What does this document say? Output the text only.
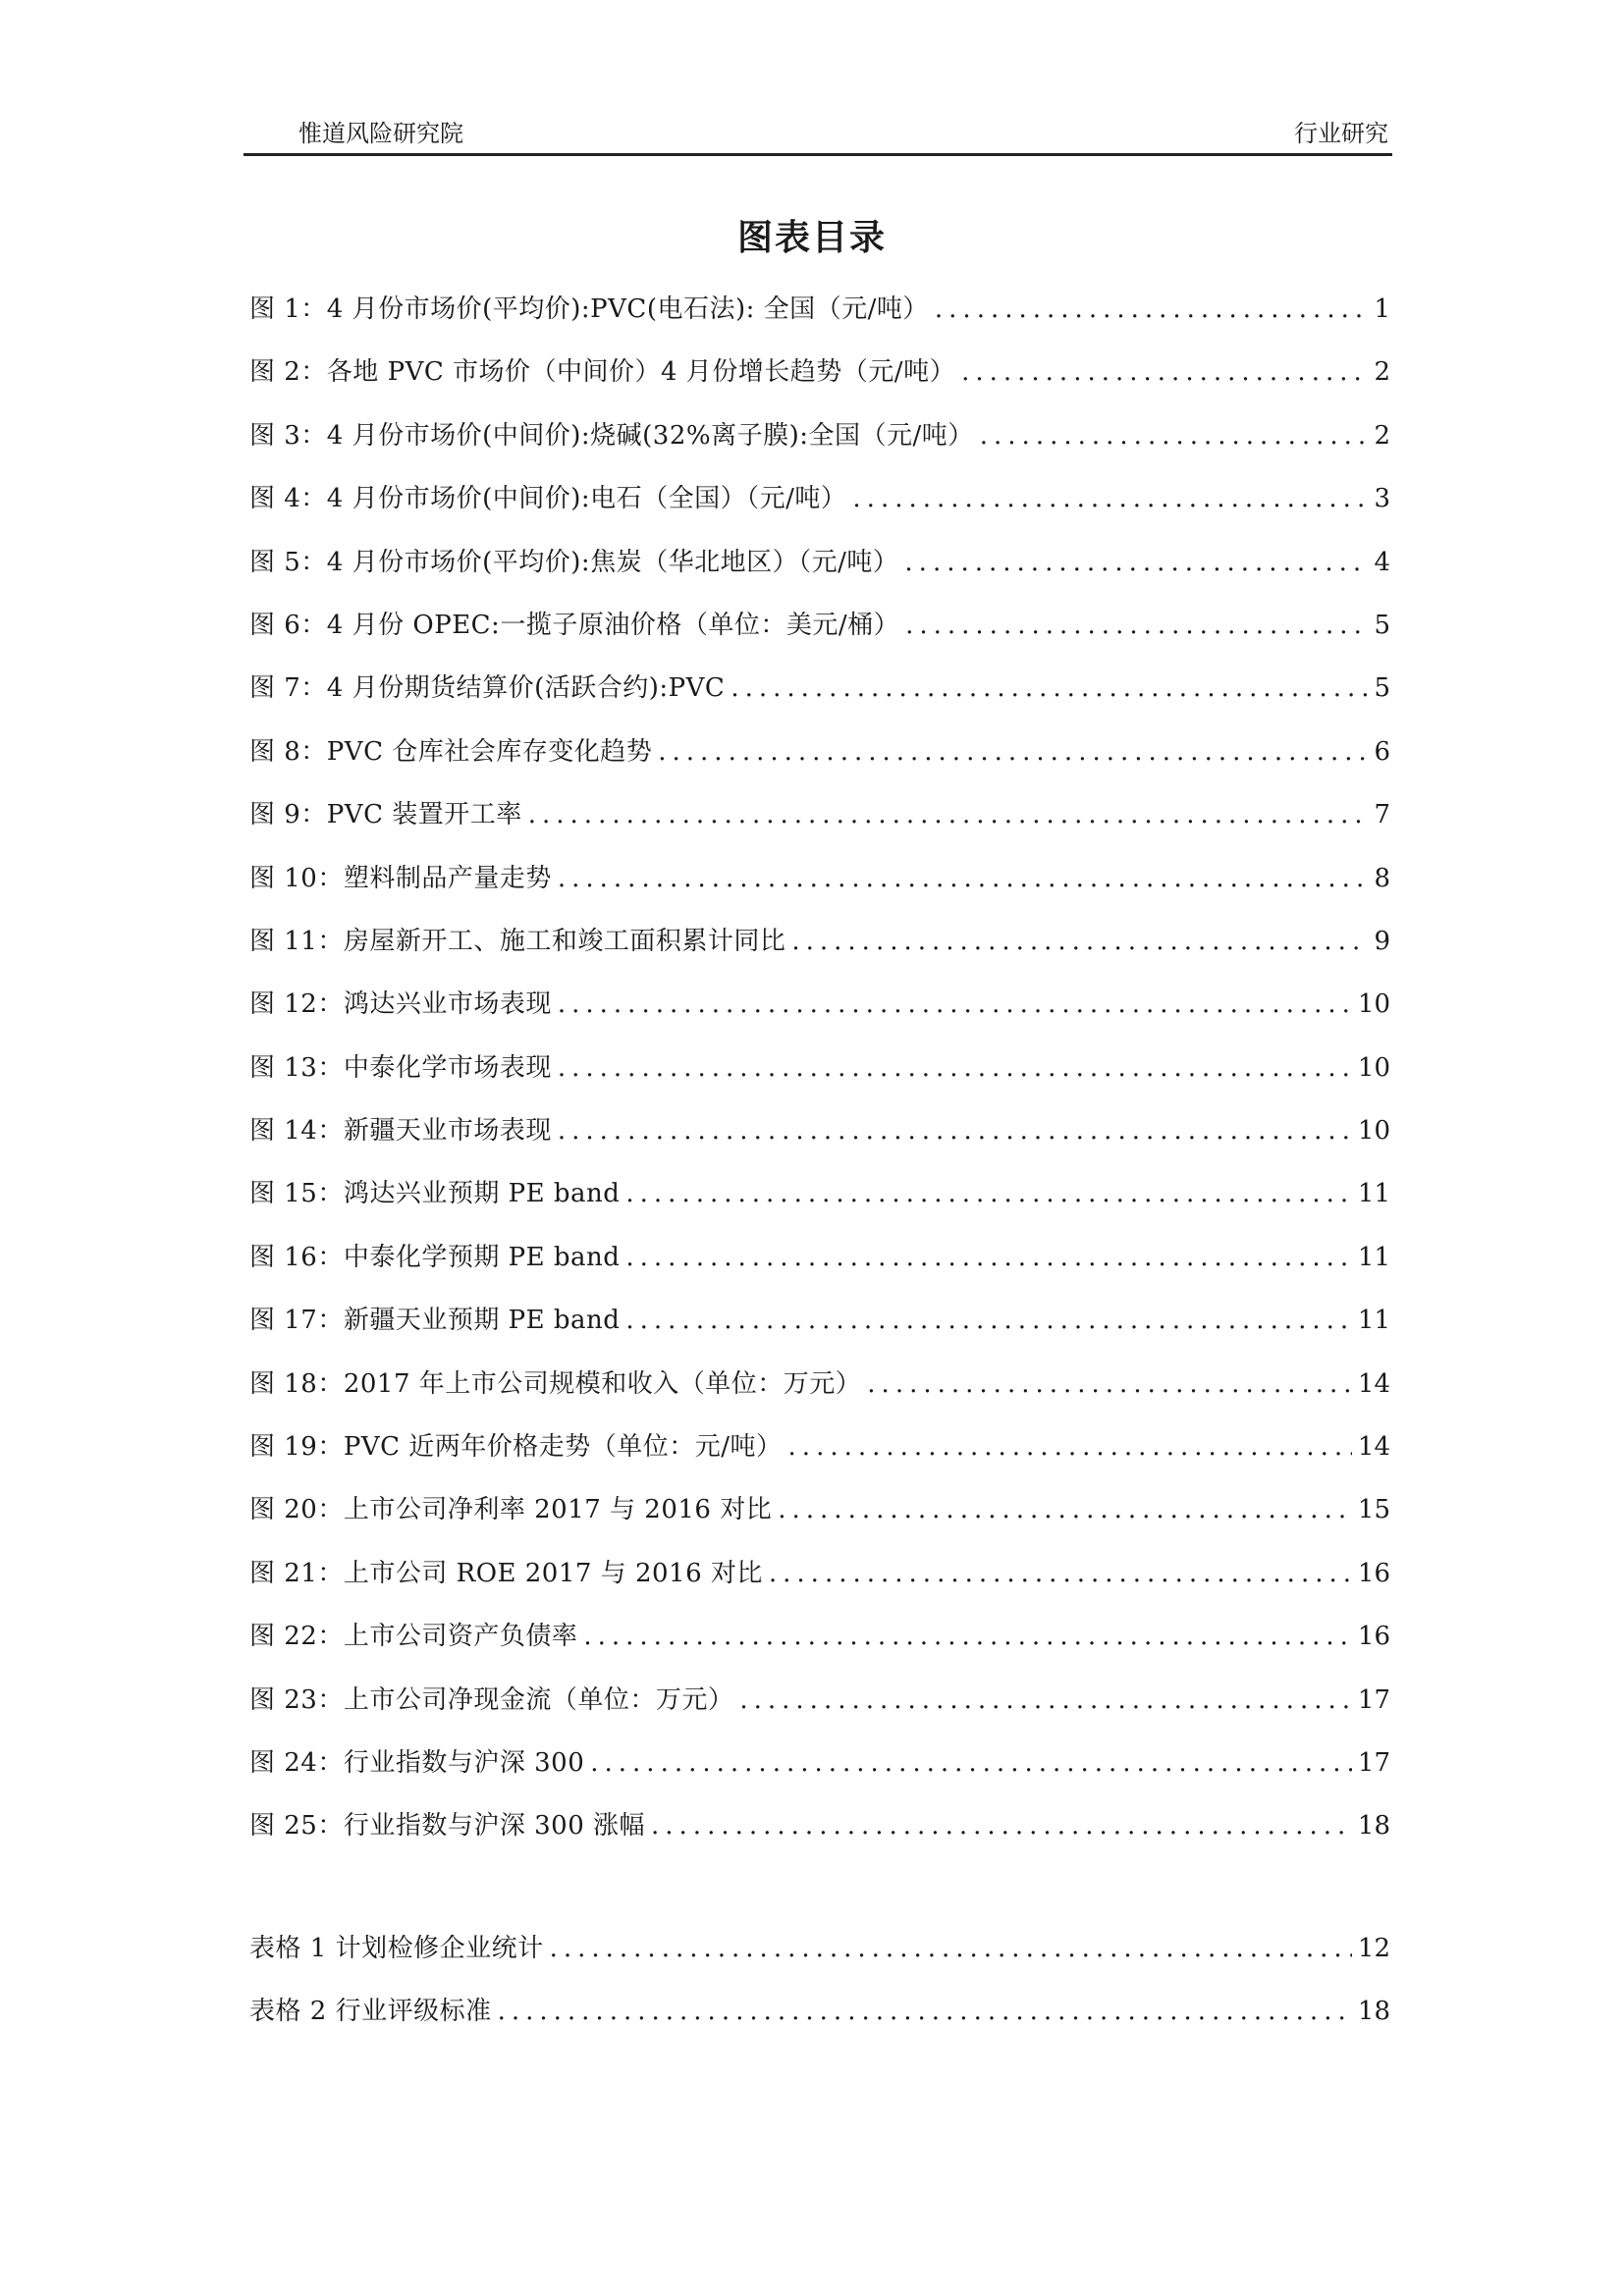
惟道风险研究院	行业研究
图表目录
图 1：4 月份市场价(平均价):PVC(电石法): 全国（元/吨） .....	1
图 2：各地 PVC 市场价（中间价）4 月份增长趋势（元/吨） .....	2
图 3：4 月份市场价(中间价):烧碱(32%离子膜):全国（元/吨） .....	2
图 4：4 月份市场价(中间价):电石（全国）（元/吨） .....	3
图 5：4 月份市场价(平均价):焦炭（华北地区）（元/吨） .....	4
图 6：4 月份 OPEC:一揽子原油价格（单位：美元/桶） .....	5
图 7：4 月份期货结算价(活跃合约):PVC .....	5
图 8：PVC 仓库社会库存变化趋势 .....	6
图 9：PVC 装置开工率 .....	7
图 10：塑料制品产量走势 .....	8
图 11：房屋新开工、施工和竣工面积累计同比 .....	9
图 12：鸿达兴业市场表现 .....	10
图 13：中泰化学市场表现 .....	10
图 14：新疆天业市场表现 .....	10
图 15：鸿达兴业预期 PE band .....	11
图 16：中泰化学预期 PE band .....	11
图 17：新疆天业预期 PE band .....	11
图 18：2017 年上市公司规模和收入（单位：万元） .....	14
图 19：PVC 近两年价格走势（单位：元/吨） .....	14
图 20：上市公司净利率 2017 与 2016 对比 .....	15
图 21：上市公司 ROE 2017 与 2016 对比 .....	16
图 22：上市公司资产负债率 .....	16
图 23：上市公司净现金流（单位：万元） .....	17
图 24：行业指数与沪深 300 .....	17
图 25：行业指数与沪深 300 涨幅 .....	18
表格 1 计划检修企业统计 .....	12
表格 2 行业评级标准 .....	18
